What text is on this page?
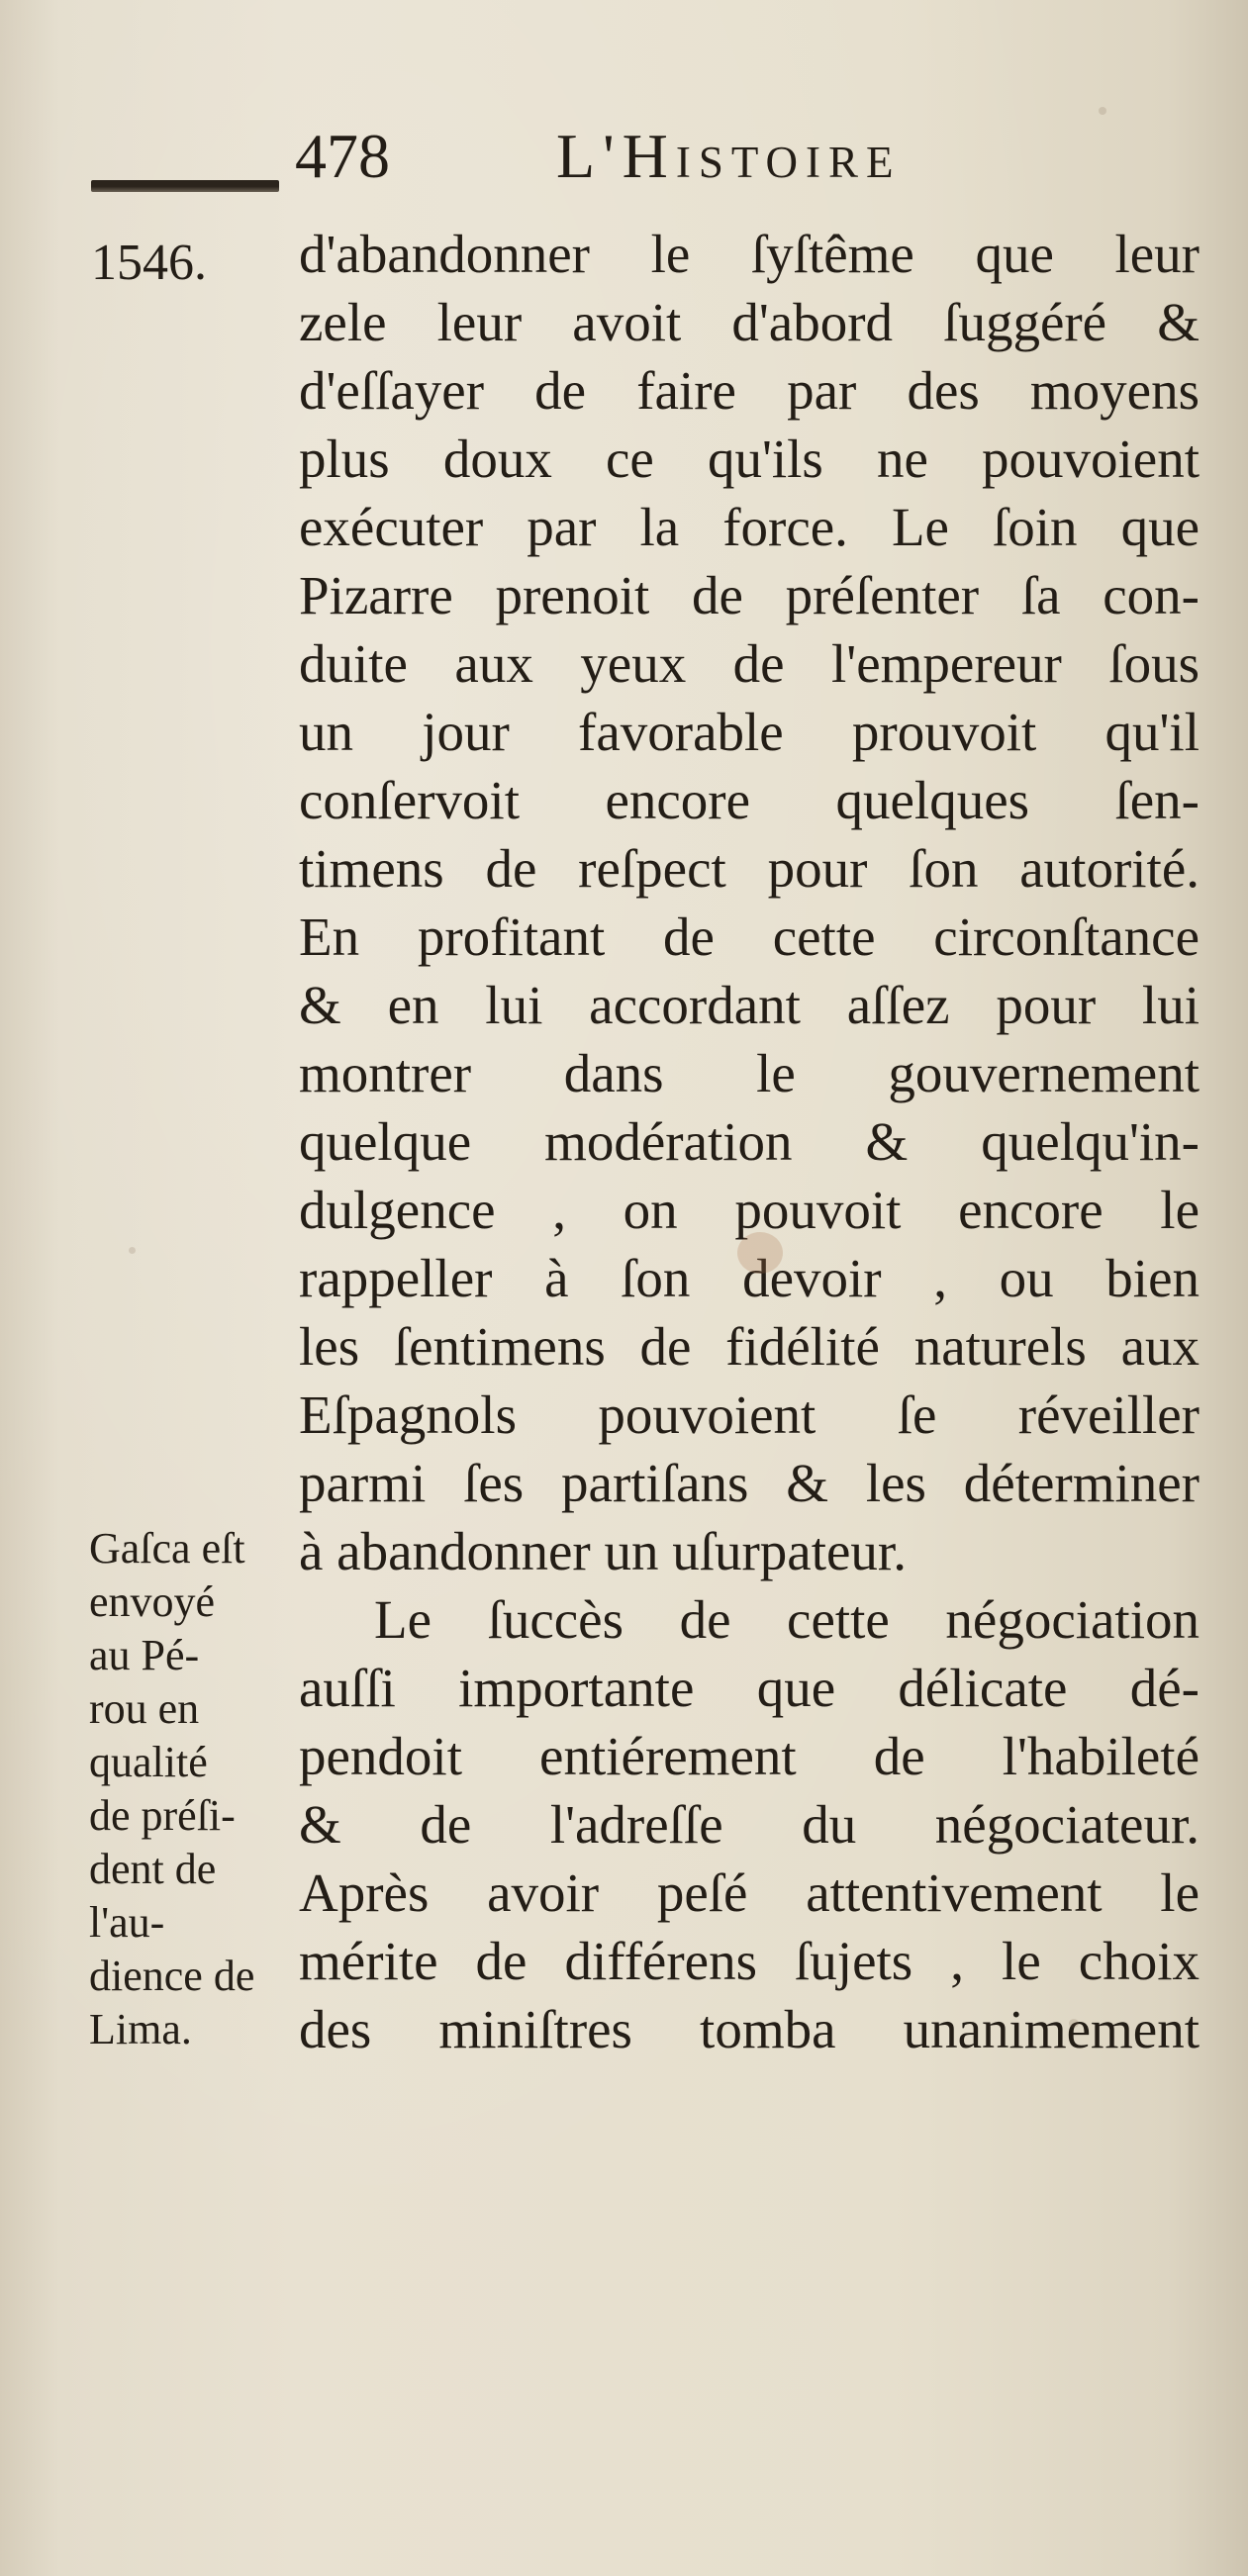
478	L'Histoire
1546. d'abandonner le ſyſtême que leur
zele leur avoit d'abord ſuggéré &
d'eſſayer de faire par des moyens
plus doux ce qu'ils ne pouvoient
exécuter par la force. Le ſoin que
Pizarre prenoit de préſenter ſa con-
duite aux yeux de l'empereur ſous
un jour favorable prouvoit qu'il
conſervoit encore quelques ſen-
timens de reſpect pour ſon autorité.
En profitant de cette circonſtance
& en lui accordant aſſez pour lui
montrer dans le gouvernement
quelque modération & quelqu'in-
dulgence , on pouvoit encore le
rappeller à ſon devoir , ou bien
les ſentimens de fidélité naturels aux
Eſpagnols pouvoient ſe réveiller
parmi ſes partiſans & les déterminer
à abandonner un uſurpateur.
Le ſuccès de cette négociation
auſſi importante que délicate dé-
pendoit entiérement de l'habileté
& de l'adreſſe du négociateur.
Après avoir peſé attentivement le
mérite de différens ſujets , le choix
des miniſtres tomba unanimement
Gaſca eſt
envoyé
au Pé-
rou en
qualité
de préſi-
dent de
l'au-
dience de
Lima.
